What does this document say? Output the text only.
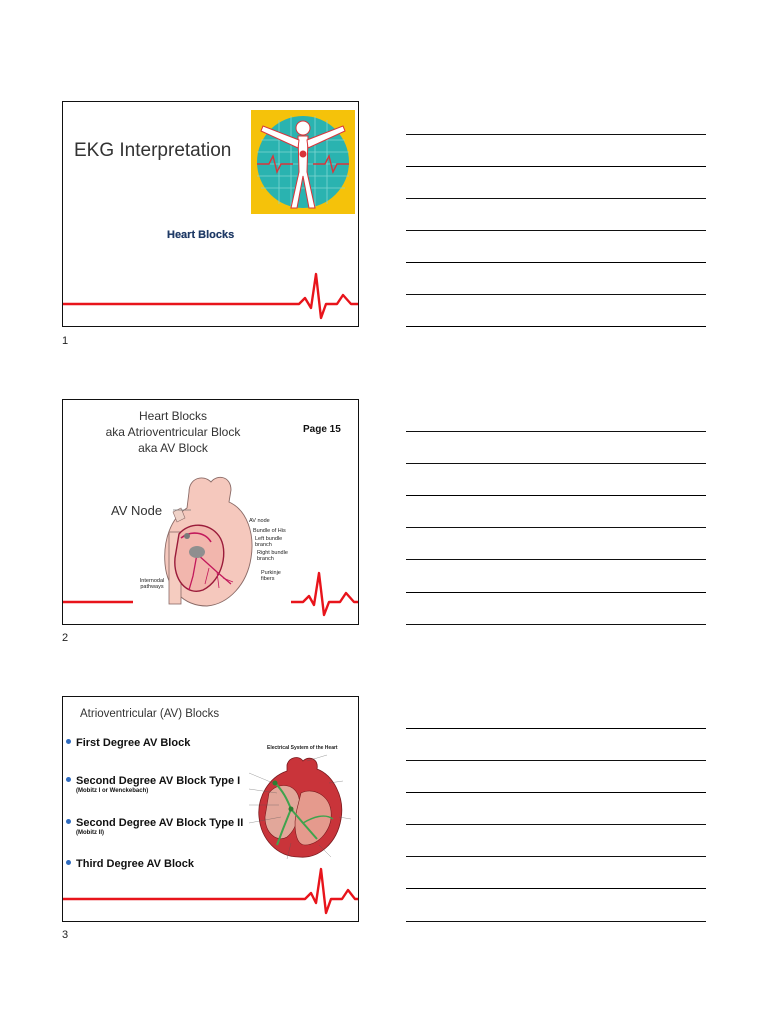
EKG Interpretation
Heart Blocks
1
Heart Blocks
aka Atrioventricular Block
aka AV Block
Page 15
AV Node
AV node
Bundle of His
Left bundle branch
Right bundle branch
Purkinje fibers
Internodal pathways
2
Atrioventricular (AV) Blocks
First Degree AV Block
Second Degree AV Block Type I
(Mobitz I or Wenckebach)
Second Degree AV Block Type II
(Mobitz II)
Third Degree AV Block
Electrical System of the Heart
3
